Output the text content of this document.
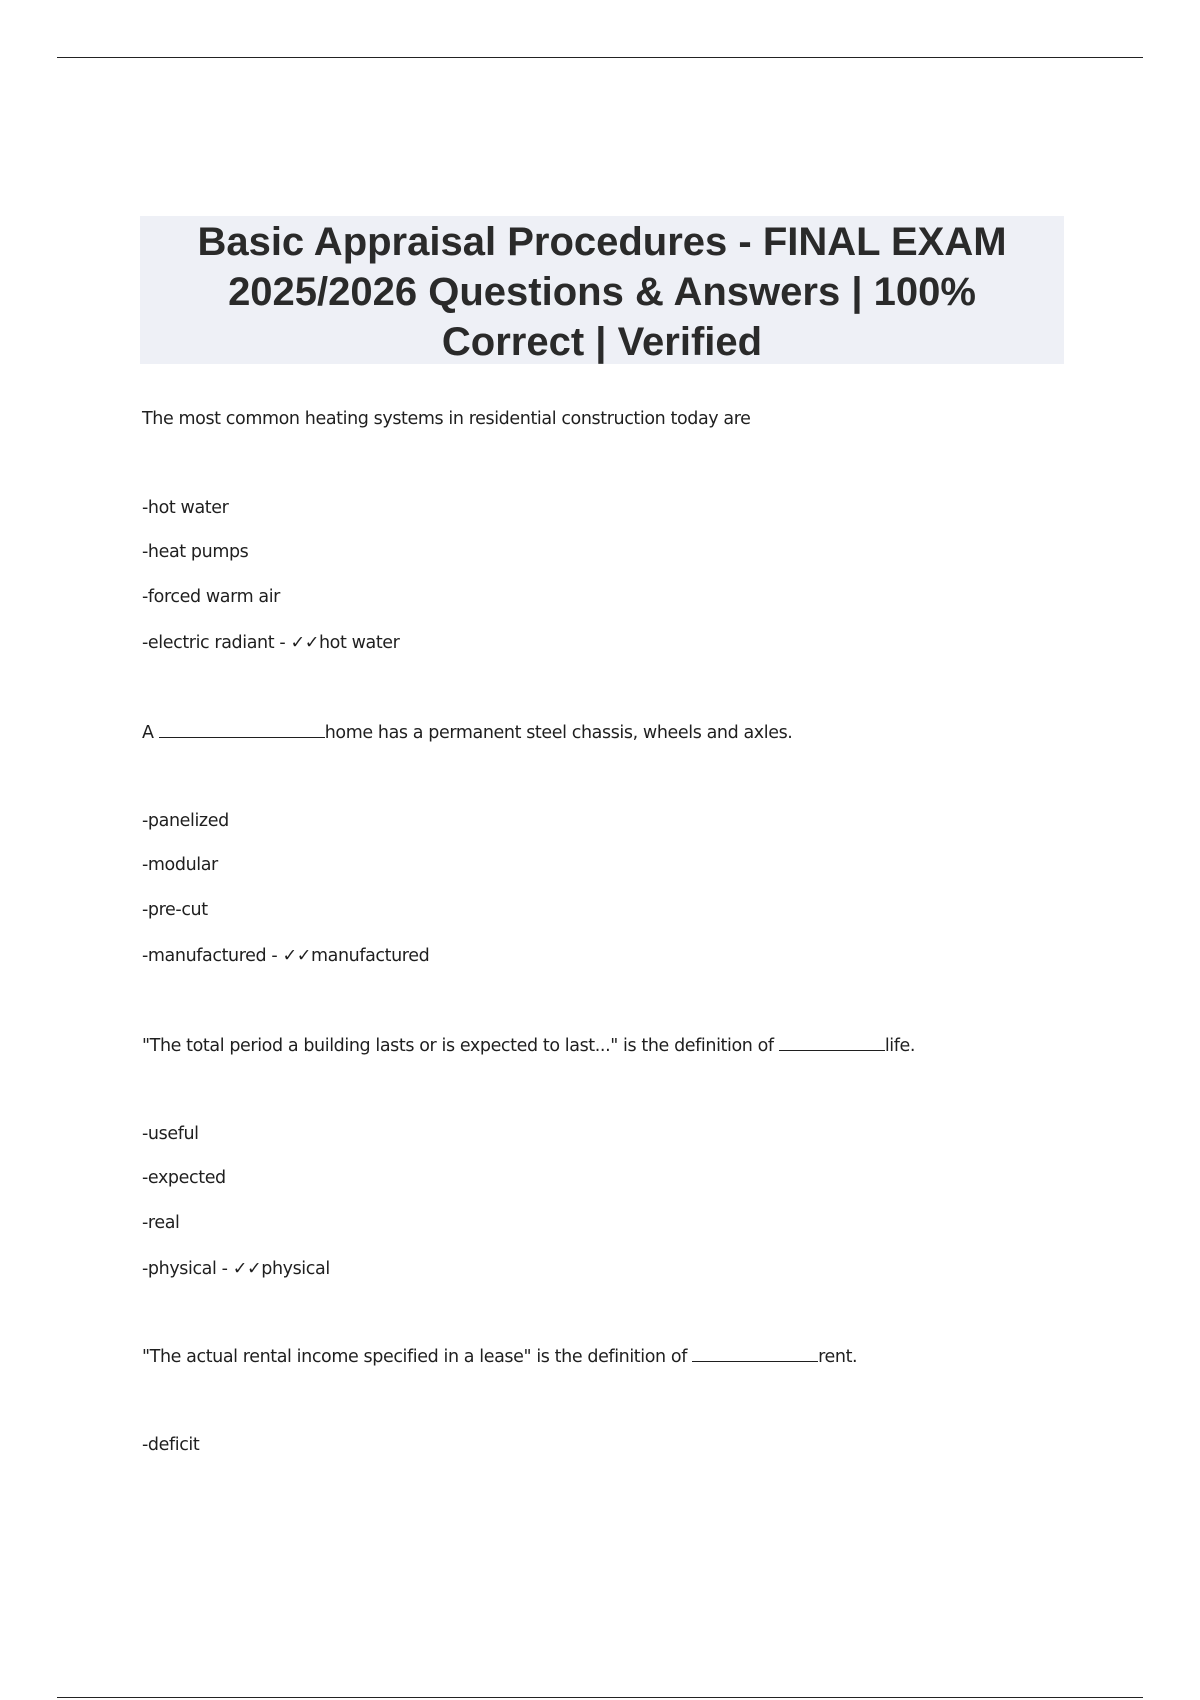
Basic Appraisal Procedures - FINAL EXAM
2025/2026 Questions & Answers | 100%
Correct | Verified
The most common heating systems in residential construction today are
-hot water
-heat pumps
-forced warm air
-electric radiant - ✓✓hot water
A	home has a permanent steel chassis, wheels and axles.
-panelized
-modular
-pre-cut
-manufactured - ✓✓manufactured
"The total period a building lasts or is expected to last..." is the definition of	life.
-useful
-expected
-real
-physical - ✓✓physical
"The actual rental income specified in a lease" is the definition of	rent.
-deficit
